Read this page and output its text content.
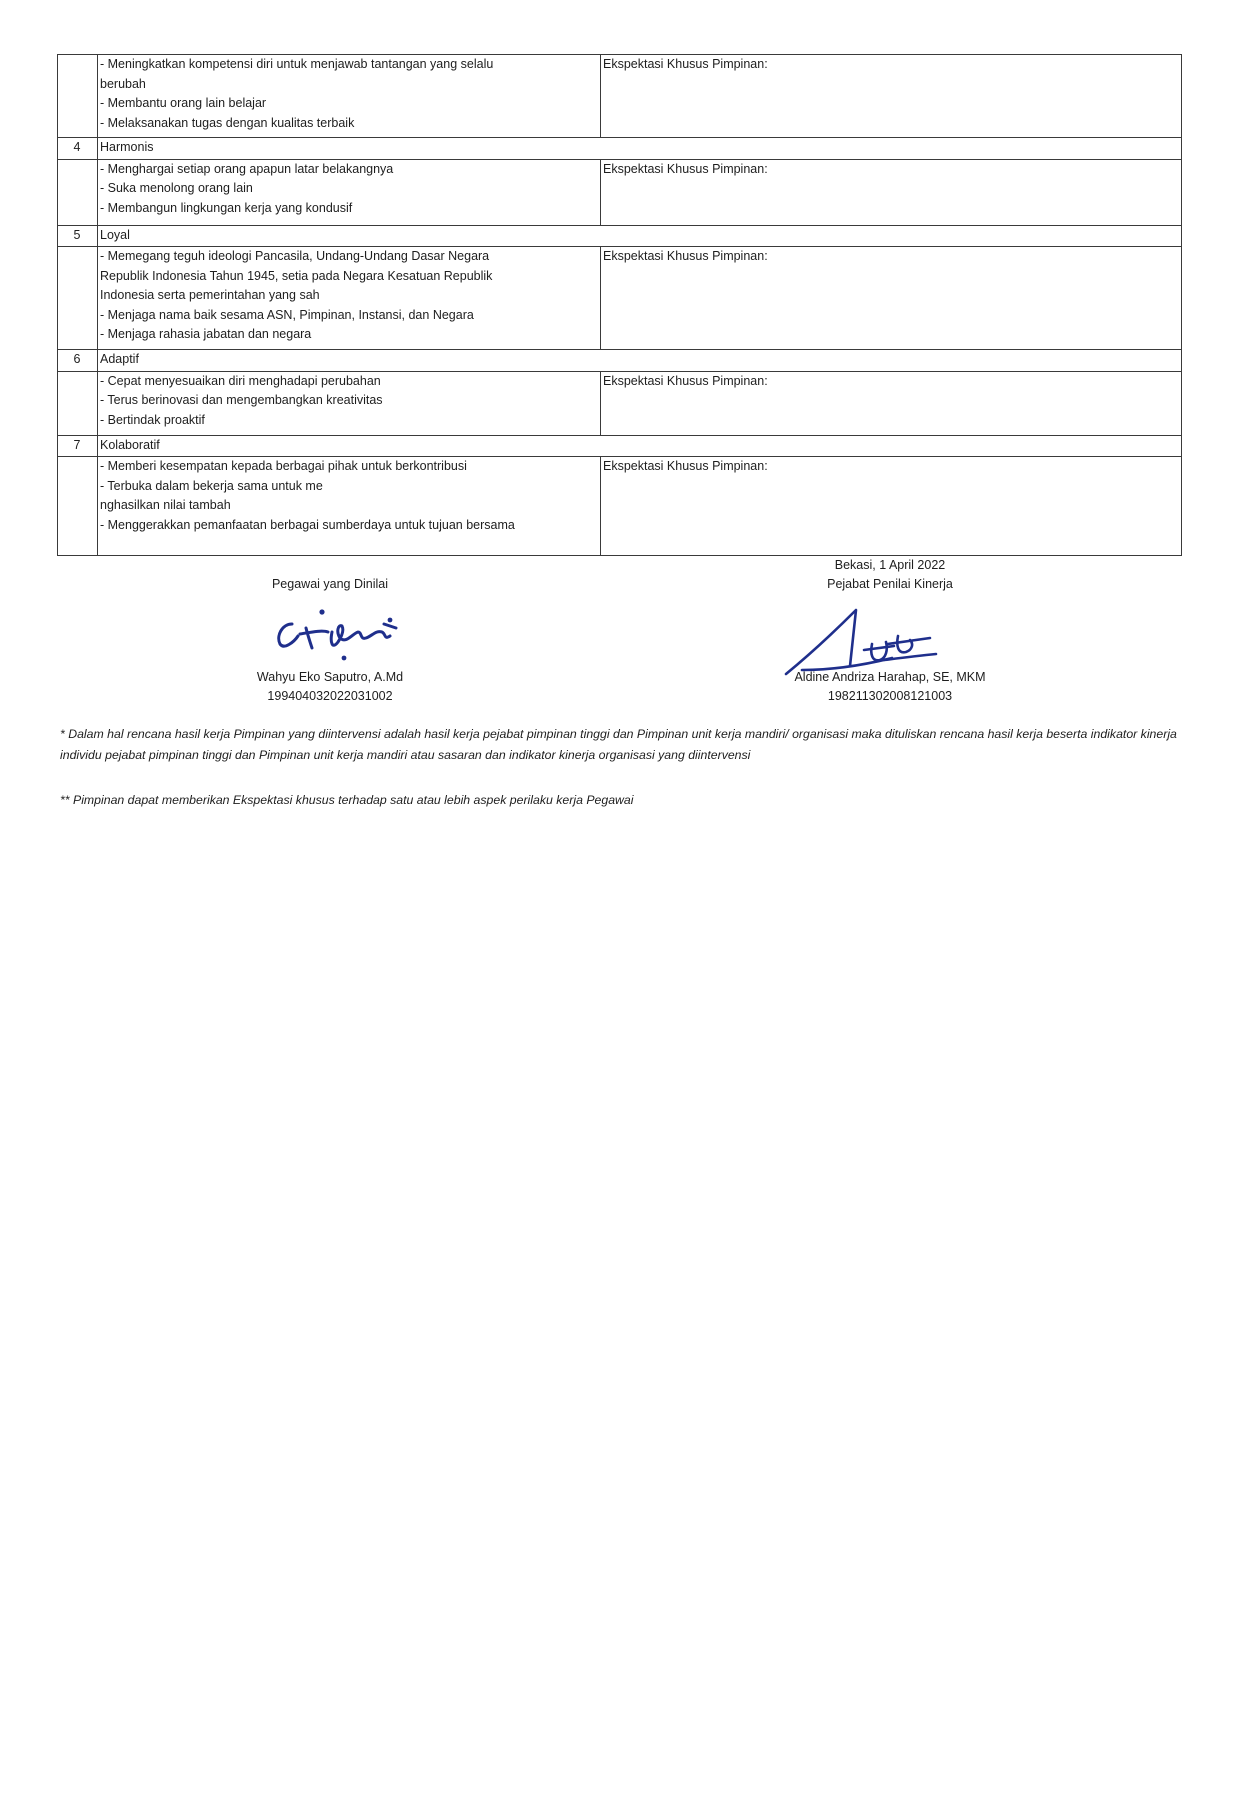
	- Meningkatkan kompetensi diri untuk menjawab tantangan yang selalu
berubah
- Membantu orang lain belajar
- Melaksanakan tugas dengan kualitas terbaik	Ekspektasi Khusus Pimpinan:

4	Harmonis	

	- Menghargai setiap orang apapun latar belakangnya
- Suka menolong orang lain
- Membangun lingkungan kerja yang kondusif	Ekspektasi Khusus Pimpinan:

5	Loyal	

	- Memegang teguh ideologi Pancasila, Undang-Undang Dasar Negara
Republik Indonesia Tahun 1945, setia pada Negara Kesatuan Republik
Indonesia serta pemerintahan yang sah
- Menjaga nama baik sesama ASN, Pimpinan, Instansi, dan Negara
- Menjaga rahasia jabatan dan negara	Ekspektasi Khusus Pimpinan:

6	Adaptif	

	- Cepat menyesuaikan diri menghadapi perubahan
- Terus berinovasi dan mengembangkan kreativitas
- Bertindak proaktif	Ekspektasi Khusus Pimpinan:

7	Kolaboratif	

	- Memberi kesempatan kepada berbagai pihak untuk berkontribusi
- Terbuka dalam bekerja sama untuk me
nghasilkan nilai tambah
- Menggerakkan pemanfaatan berbagai sumberdaya untuk tujuan bersama	Ekspektasi Khusus Pimpinan:
Pegawai yang Dinilai
Wahyu Eko Saputro, A.Md
199404032022031002
Bekasi, 1 April 2022
Pejabat Penilai Kinerja
Aldine Andriza Harahap, SE, MKM
198211302008121003
* Dalam hal rencana hasil kerja Pimpinan yang diintervensi adalah hasil kerja pejabat pimpinan tinggi dan Pimpinan unit kerja mandiri/ organisasi maka dituliskan rencana hasil kerja beserta indikator kinerja individu pejabat pimpinan tinggi dan Pimpinan unit kerja mandiri atau sasaran dan indikator kinerja organisasi yang diintervensi
** Pimpinan dapat memberikan Ekspektasi khusus terhadap satu atau lebih aspek perilaku kerja Pegawai
